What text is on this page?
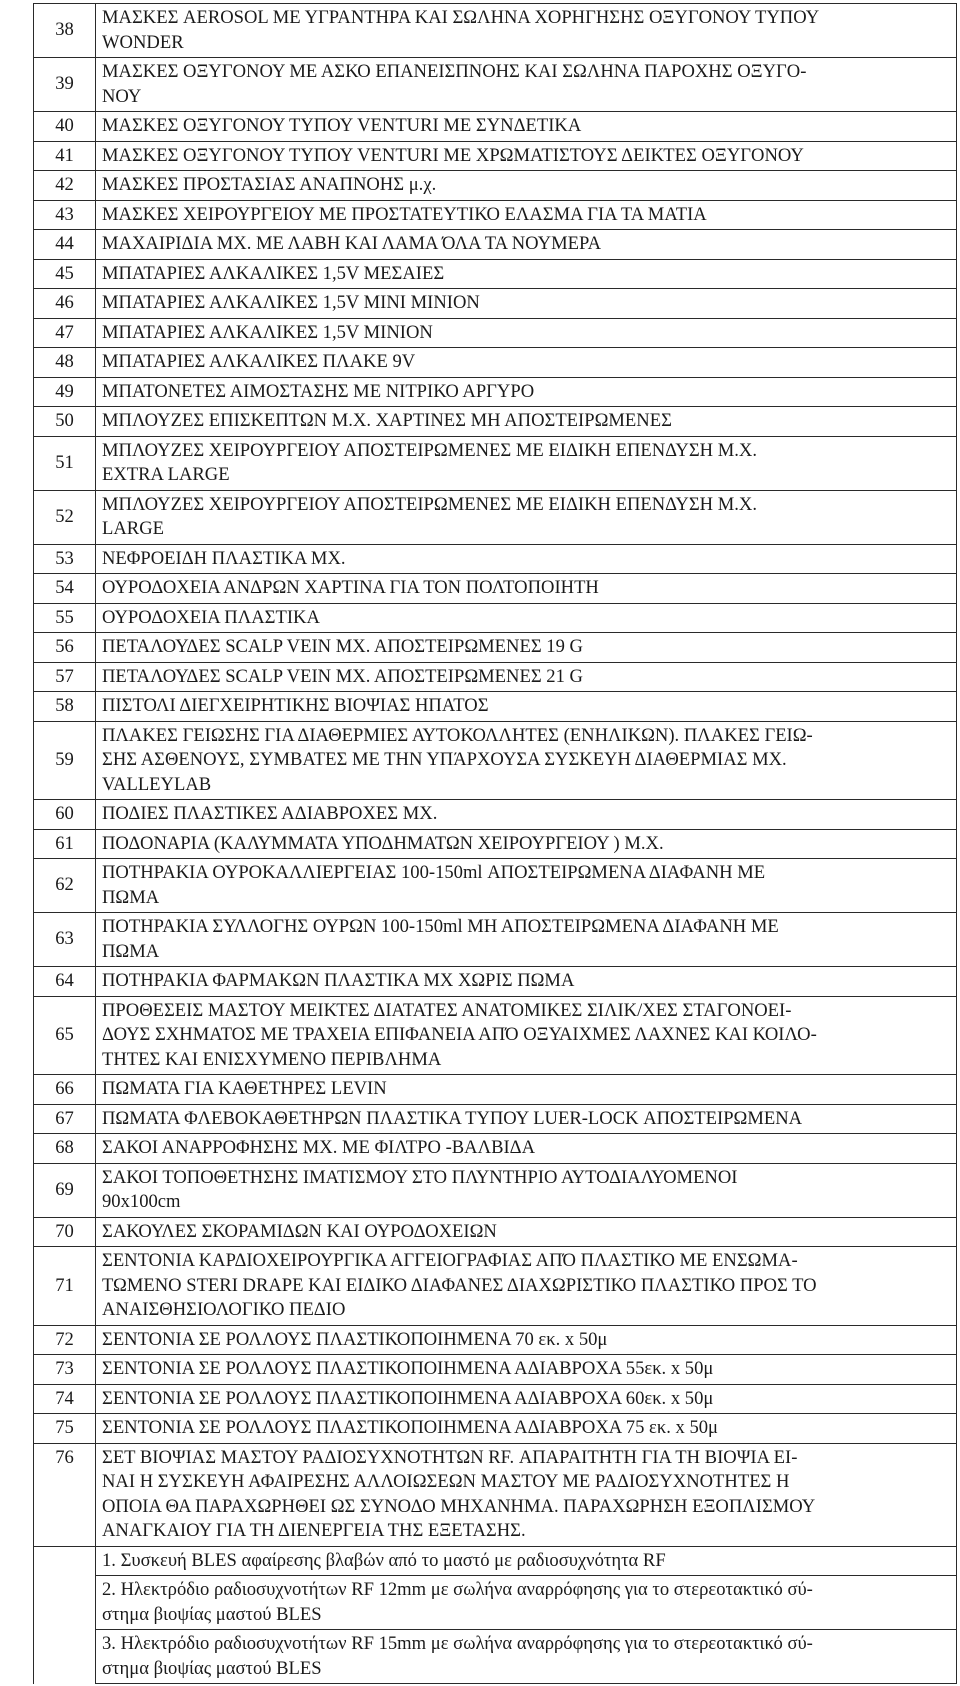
38	ΜΑΣΚΕΣ AEROSOL ΜΕ ΥΓΡΑΝΤΗΡΑ ΚΑΙ ΣΩΛΗΝΑ ΧΟΡΗΓΗΣΗΣ ΟΞΥΓΟΝΟΥ ΤΥΠΟΥ
WONDER

39	ΜΑΣΚΕΣ ΟΞΥΓΟΝΟΥ ΜΕ ΑΣΚΟ ΕΠΑΝΕΙΣΠΝΟΗΣ ΚΑΙ ΣΩΛΗΝΑ ΠΑΡΟΧΗΣ ΟΞΥΓΟ-
ΝΟΥ

40	ΜΑΣΚΕΣ ΟΞΥΓΟΝΟΥ ΤΥΠΟΥ VENTURI ΜΕ ΣΥΝΔΕΤΙΚΑ

41	ΜΑΣΚΕΣ ΟΞΥΓΟΝΟΥ ΤΥΠΟΥ VENTURI ΜΕ ΧΡΩΜΑΤΙΣΤΟΥΣ ΔΕΙΚΤΕΣ ΟΞΥΓΟΝΟΥ

42	ΜΑΣΚΕΣ ΠΡΟΣΤΑΣΙΑΣ ΑΝΑΠΝΟΗΣ μ.χ.

43	ΜΑΣΚΕΣ ΧΕΙΡΟΥΡΓΕΙΟΥ ΜΕ ΠΡΟΣΤΑΤΕΥΤΙΚΟ ΕΛΑΣΜΑ ΓΙΑ ΤΑ ΜΑΤΙΑ

44	ΜΑΧΑΙΡΙΔΙΑ ΜΧ. ΜΕ ΛΑΒΗ ΚΑΙ ΛΑΜΑ ΌΛΑ ΤΑ ΝΟΥΜΕΡΑ

45	ΜΠΑΤΑΡΙΕΣ ΑΛΚΑΛΙΚΕΣ 1,5V ΜΕΣΑΙΕΣ

46	ΜΠΑΤΑΡΙΕΣ ΑΛΚΑΛΙΚΕΣ 1,5V MINI MINION

47	ΜΠΑΤΑΡΙΕΣ ΑΛΚΑΛΙΚΕΣ 1,5V MINION

48	ΜΠΑΤΑΡΙΕΣ ΑΛΚΑΛΙΚΕΣ ΠΛΑΚΕ 9V

49	ΜΠΑΤΟΝΕΤΕΣ ΑΙΜΟΣΤΑΣΗΣ ΜΕ ΝΙΤΡΙΚΟ ΑΡΓΥΡΟ

50	ΜΠΛΟΥΖΕΣ ΕΠΙΣΚΕΠΤΩΝ Μ.Χ. ΧΑΡΤΙΝΕΣ ΜΗ ΑΠΟΣΤΕΙΡΩΜΕΝΕΣ

51	ΜΠΛΟΥΖΕΣ ΧΕΙΡΟΥΡΓΕΙΟΥ ΑΠΟΣΤΕΙΡΩΜΕΝΕΣ ΜΕ ΕΙΔΙΚΗ ΕΠΕΝΔΥΣΗ Μ.Χ.
EXTRA LARGE

52	ΜΠΛΟΥΖΕΣ ΧΕΙΡΟΥΡΓΕΙΟΥ ΑΠΟΣΤΕΙΡΩΜΕΝΕΣ ΜΕ ΕΙΔΙΚΗ ΕΠΕΝΔΥΣΗ Μ.Χ.
LARGE

53	ΝΕΦΡΟΕΙΔΗ ΠΛΑΣΤΙΚΑ ΜΧ.

54	ΟΥΡΟΔΟΧΕΙΑ ΑΝΔΡΩΝ ΧΑΡΤΙΝΑ ΓΙΑ ΤΟΝ ΠΟΛΤΟΠΟΙΗΤΗ

55	ΟΥΡΟΔΟΧΕΙΑ ΠΛΑΣΤΙΚΑ

56	ΠΕΤΑΛΟΥΔΕΣ SCALP VEIN ΜΧ. ΑΠΟΣΤΕΙΡΩΜΕΝΕΣ 19 G

57	ΠΕΤΑΛΟΥΔΕΣ SCALP VEIN ΜΧ. ΑΠΟΣΤΕΙΡΩΜΕΝΕΣ 21 G

58	ΠΙΣΤΟΛΙ ΔΙΕΓΧΕΙΡΗΤΙΚΗΣ ΒΙΟΨΙΑΣ ΗΠΑΤΟΣ

59	ΠΛΑΚΕΣ ΓΕΙΩΣΗΣ ΓΙΑ ΔΙΑΘΕΡΜΙΕΣ ΑΥΤΟΚΟΛΛΗΤΕΣ (ΕΝΗΛΙΚΩΝ). ΠΛΑΚΕΣ ΓΕΙΩ-
ΣΗΣ ΑΣΘΕΝΟΥΣ, ΣΥΜΒΑΤΕΣ ΜΕ ΤΗΝ ΥΠΆΡΧΟΥΣΑ ΣΥΣΚΕΥΗ ΔΙΑΘΕΡΜΙΑΣ ΜΧ.
VALLEYLAB

60	ΠΟΔΙΕΣ ΠΛΑΣΤΙΚΕΣ ΑΔΙΑΒΡΟΧΕΣ ΜΧ.

61	ΠΟΔΟΝΑΡΙΑ (ΚΑΛΥΜΜΑΤΑ ΥΠΟΔΗΜΑΤΩΝ ΧΕΙΡΟΥΡΓΕΙΟΥ ) Μ.Χ.

62	ΠΟΤΗΡΑΚΙΑ ΟΥΡΟΚΑΛΛΙΕΡΓΕΙΑΣ 100-150ml ΑΠΟΣΤΕΙΡΩΜΕΝΑ ΔΙΑΦΑΝΗ ΜΕ
ΠΩΜΑ

63	ΠΟΤΗΡΑΚΙΑ ΣΥΛΛΟΓΗΣ ΟΥΡΩΝ 100-150ml ΜΗ ΑΠΟΣΤΕΙΡΩΜΕΝΑ ΔΙΑΦΑΝΗ ΜΕ
ΠΩΜΑ

64	ΠΟΤΗΡΑΚΙΑ ΦΑΡΜΑΚΩΝ ΠΛΑΣΤΙΚΑ ΜΧ ΧΩΡΙΣ ΠΩΜΑ

65	ΠΡΟΘΕΣΕΙΣ ΜΑΣΤΟΥ ΜΕΙΚΤΕΣ ΔΙΑΤΑΤΕΣ ΑΝΑΤΟΜΙΚΕΣ ΣΙΛΙΚ/ΧΕΣ ΣΤΑΓΟΝΟΕΙ-
ΔΟΥΣ ΣΧΗΜΑΤΟΣ ΜΕ ΤΡΑΧΕΙΑ ΕΠΙΦΑΝΕΙΑ ΑΠΌ ΟΞΥΑΙΧΜΕΣ ΛΑΧΝΕΣ ΚΑΙ ΚΟΙΛΟ-
ΤΗΤΕΣ ΚΑΙ ΕΝΙΣΧΥΜΕΝΟ ΠΕΡΙΒΛΗΜΑ

66	ΠΩΜΑΤΑ ΓΙΑ ΚΑΘΕΤΗΡΕΣ LEVIN

67	ΠΩΜΑΤΑ ΦΛΕΒΟΚΑΘΕΤΗΡΩΝ ΠΛΑΣΤΙΚΑ ΤΥΠΟΥ LUER-LOCK ΑΠΟΣΤΕΙΡΩΜΕΝΑ

68	ΣΑΚΟΙ ΑΝΑΡΡΟΦΗΣΗΣ ΜΧ. ΜΕ ΦΙΛΤΡΟ -ΒΑΛΒΙΔΑ

69	ΣΑΚΟΙ ΤΟΠΟΘΕΤΗΣΗΣ ΙΜΑΤΙΣΜΟΥ ΣΤΟ ΠΛΥΝΤΗΡΙΟ ΑΥΤΟΔΙΑΛΥΟΜΕΝΟΙ
90x100cm

70	ΣΑΚΟΥΛΕΣ ΣΚΟΡΑΜΙΔΩΝ ΚΑΙ ΟΥΡΟΔΟΧΕΙΩΝ

71	ΣΕΝΤΟΝΙΑ ΚΑΡΔΙΟΧΕΙΡΟΥΡΓΙΚΑ ΑΓΓΕΙΟΓΡΑΦΙΑΣ ΑΠΌ ΠΛΑΣΤΙΚΟ ΜΕ ΕΝΣΩΜΑ-
ΤΩΜΕΝΟ STERI DRAPE ΚΑΙ ΕΙΔΙΚΟ ΔΙΑΦΑΝΕΣ ΔΙΑΧΩΡΙΣΤΙΚΟ ΠΛΑΣΤΙΚΟ ΠΡΟΣ ΤΟ
ΑΝΑΙΣΘΗΣΙΟΛΟΓΙΚΟ ΠΕΔΙΟ

72	ΣΕΝΤΟΝΙΑ ΣΕ ΡΟΛΛΟΥΣ ΠΛΑΣΤΙΚΟΠΟΙΗΜΕΝΑ 70 εκ. x 50μ

73	ΣΕΝΤΟΝΙΑ ΣΕ ΡΟΛΛΟΥΣ ΠΛΑΣΤΙΚΟΠΟΙΗΜΕΝΑ ΑΔΙΑΒΡΟΧΑ 55εκ. x 50μ

74	ΣΕΝΤΟΝΙΑ ΣΕ ΡΟΛΛΟΥΣ ΠΛΑΣΤΙΚΟΠΟΙΗΜΕΝΑ ΑΔΙΑΒΡΟΧΑ 60εκ. x 50μ

75	ΣΕΝΤΟΝΙΑ ΣΕ ΡΟΛΛΟΥΣ ΠΛΑΣΤΙΚΟΠΟΙΗΜΕΝΑ ΑΔΙΑΒΡΟΧΑ 75 εκ. x 50μ

76	ΣΕΤ ΒΙΟΨΙΑΣ ΜΑΣΤΟΥ ΡΑΔΙΟΣΥΧΝΟΤΗΤΩΝ RF. ΑΠΑΡΑΙΤΗΤΗ ΓΙΑ ΤΗ ΒΙΟΨΙΑ ΕΙ-
ΝΑΙ Η ΣΥΣΚΕΥΗ ΑΦΑΙΡΕΣΗΣ ΑΛΛΟΙΩΣΕΩΝ ΜΑΣΤΟΥ ΜΕ ΡΑΔΙΟΣΥΧΝΟΤΗΤΕΣ Η
ΟΠΟΙΑ ΘΑ ΠΑΡΑΧΩΡΗΘΕΙ ΩΣ ΣΥΝΟΔΟ ΜΗΧΑΝΗΜΑ. ΠΑΡΑΧΩΡΗΣΗ ΕΞΟΠΛΙΣΜΟΥ
ΑΝΑΓΚΑΙΟΥ ΓΙΑ ΤΗ ΔΙΕΝΕΡΓΕΙΑ ΤΗΣ ΕΞΕΤΑΣΗΣ.

	1. Συσκευή BLES αφαίρεσης βλαβών από το μαστό με ραδιοσυχνότητα RF

	2. Ηλεκτρόδιο ραδιοσυχνοτήτων RF 12mm με σωλήνα αναρρόφησης για το στερεοτακτικό σύ-
στημα βιοψίας μαστού BLES

	3. Ηλεκτρόδιο ραδιοσυχνοτήτων RF 15mm με σωλήνα αναρρόφησης για το στερεοτακτικό σύ-
στημα βιοψίας μαστού BLES
